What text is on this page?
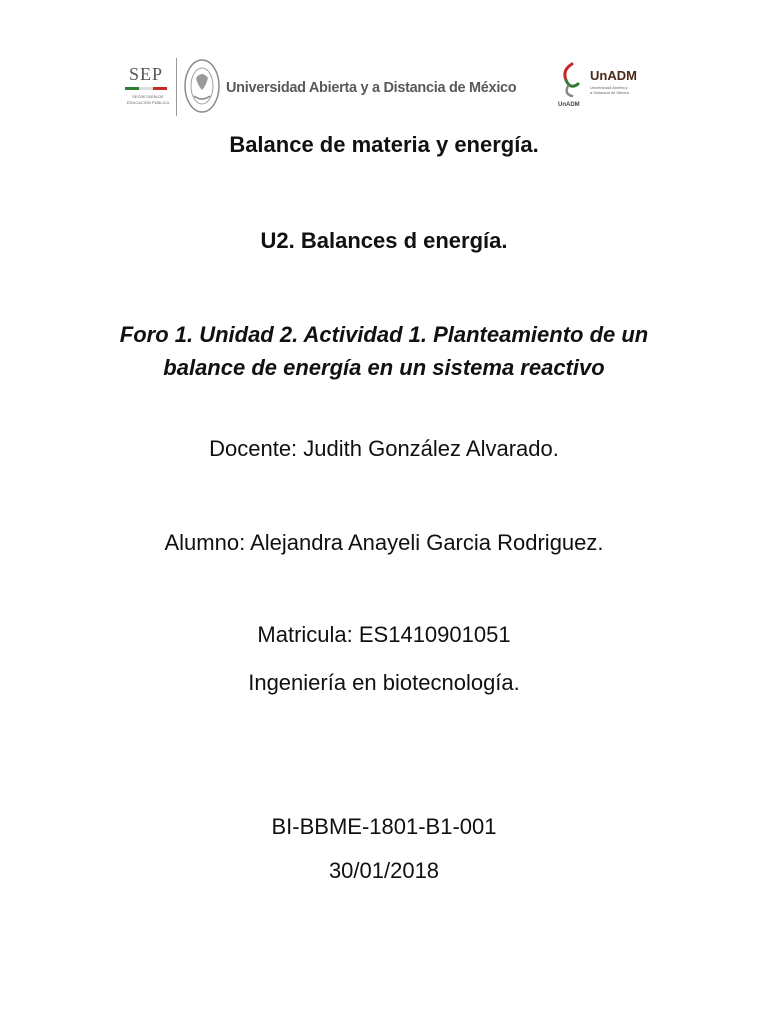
SEP
SECRETARÍA DE EDUCACIÓN PÚBLICA
Universidad Abierta y a Distancia de México
UnADM
UnADM
Universidad Abierta y a Distancia de México
Balance de materia y energía.
U2. Balances d energía.
Foro 1. Unidad 2. Actividad 1. Planteamiento de un balance de energía en un sistema reactivo
Docente: Judith González Alvarado.
Alumno: Alejandra Anayeli Garcia Rodriguez.
Matricula: ES1410901051
Ingeniería en biotecnología.
BI-BBME-1801-B1-001
30/01/2018
